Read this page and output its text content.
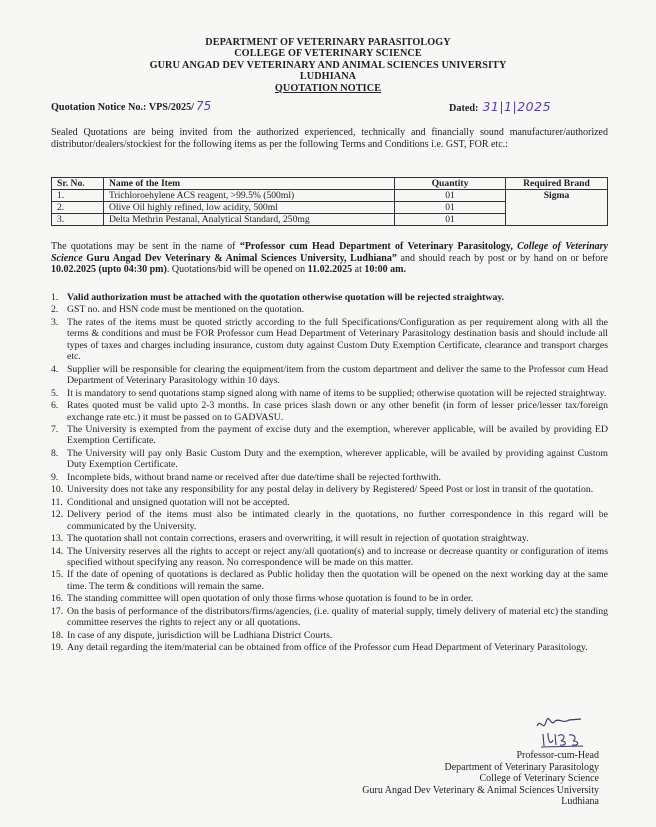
DEPARTMENT OF VETERINARY PARASITOLOGY
COLLEGE OF VETERINARY SCIENCE
GURU ANGAD DEV VETERINARY AND ANIMAL SCIENCES UNIVERSITY
LUDHIANA
QUOTATION NOTICE
Quotation Notice No.: VPS/2025/ 75	Dated: 31|1|2025
Sealed Quotations are being invited from the authorized experienced, technically and financially sound manufacturer/authorized distributor/dealers/stockiest for the following items as per the following Terms and Conditions i.e. GST, FOR etc.:
Sr. No.	Name of the Item	Quantity	Required Brand
1.	Trichloroehylene ACS reagent, >99.5% (500ml)	01	Sigma
2.	Olive Oil highly refined, low acidity, 500ml	01	
3.	Delta Methrin Pestanal, Analytical Standard, 250mg	01	
The quotations may be sent in the name of “Professor cum Head Department of Veterinary Parasitology, College of Veterinary Science Guru Angad Dev Veterinary & Animal Sciences University, Ludhiana” and should reach by post or by hand on or before 10.02.2025 (upto 04:30 pm). Quotations/bid will be opened on 11.02.2025 at 10:00 am.
1. Valid authorization must be attached with the quotation otherwise quotation will be rejected straightway.
2. GST no. and HSN code must be mentioned on the quotation.
3. The rates of the items must be quoted strictly according to the full Specifications/Configuration as per requirement along with all the terms & conditions and must be FOR Professor cum Head Department of Veterinary Parasitology destination basis and should include all types of taxes and charges including insurance, custom duty against Custom Duty Exemption Certificate, clearance and transport charges etc.
4. Supplier will be responsible for clearing the equipment/item from the custom department and deliver the same to the Professor cum Head Department of Veterinary Parasitology within 10 days.
5. It is mandatory to send quotations stamp signed along with name of items to be supplied; otherwise quotation will be rejected straightway.
6. Rates quoted must be valid upto 2-3 months. In case prices slash down or any other benefit (in form of lesser price/lesser tax/foreign exchange rate etc.) it must be passed on to GADVASU.
7. The University is exempted from the payment of excise duty and the exemption, wherever applicable, will be availed by providing ED Exemption Certificate.
8. The University will pay only Basic Custom Duty and the exemption, wherever applicable, will be availed by providing against Custom Duty Exemption Certificate.
9. Incomplete bids, without brand name or received after due date/time shall be rejected forthwith.
10. University does not take any responsibility for any postal delay in delivery by Registered/ Speed Post or lost in transit of the quotation.
11. Conditional and unsigned quotation will not be accepted.
12. Delivery period of the items must also be intimated clearly in the quotations, no further correspondence in this regard will be communicated by the University.
13. The quotation shall not contain corrections, erasers and overwriting, it will result in rejection of quotation straightway.
14. The University reserves all the rights to accept or reject any/all quotation(s) and to increase or decrease quantity or configuration of items specified without specifying any reason. No correspondence will be made on this matter.
15. If the date of opening of quotations is declared as Public holiday then the quotation will be opened on the next working day at the same time. The term & conditions will remain the same.
16. The standing committee will open quotation of only those firms whose quotation is found to be in order.
17. On the basis of performance of the distributors/firms/agencies, (i.e. quality of material supply, timely delivery of material etc) the standing committee reserves the rights to reject any or all quotations.
18. In case of any dispute, jurisdiction will be Ludhiana District Courts.
19. Any detail regarding the item/material can be obtained from office of the Professor cum Head Department of Veterinary Parasitology.
Professor-cum-Head
Department of Veterinary Parasitology
College of Veterinary Science
Guru Angad Dev Veterinary & Animal Sciences University
Ludhiana
